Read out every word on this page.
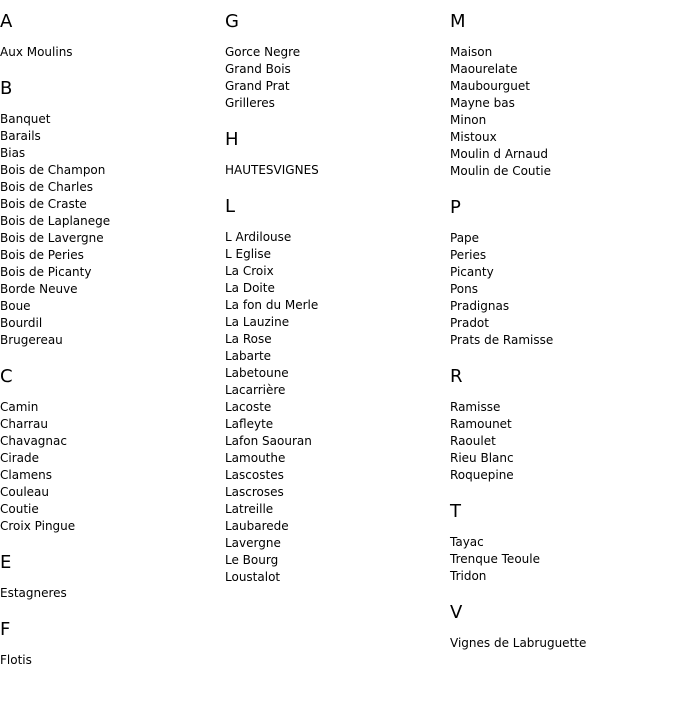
A
Aux Moulins
B
Banquet
Barails
Bias
Bois de Champon
Bois de Charles
Bois de Craste
Bois de Laplanege
Bois de Lavergne
Bois de Peries
Bois de Picanty
Borde Neuve
Boue
Bourdil
Brugereau
C
Camin
Charrau
Chavagnac
Cirade
Clamens
Couleau
Coutie
Croix Pingue
E
Estagneres
F
Flotis
G
Gorce Negre
Grand Bois
Grand Prat
Grilleres
H
HAUTESVIGNES
L
L Ardilouse
L Eglise
La Croix
La Doite
La fon du Merle
La Lauzine
La Rose
Labarte
Labetoune
Lacarrière
Lacoste
Lafleyte
Lafon Saouran
Lamouthe
Lascostes
Lascroses
Latreille
Laubarede
Lavergne
Le Bourg
Loustalot
M
Maison
Maourelate
Maubourguet
Mayne bas
Minon
Mistoux
Moulin d Arnaud
Moulin de Coutie
P
Pape
Peries
Picanty
Pons
Pradignas
Pradot
Prats de Ramisse
R
Ramisse
Ramounet
Raoulet
Rieu Blanc
Roquepine
T
Tayac
Trenque Teoule
Tridon
V
Vignes de Labruguette
